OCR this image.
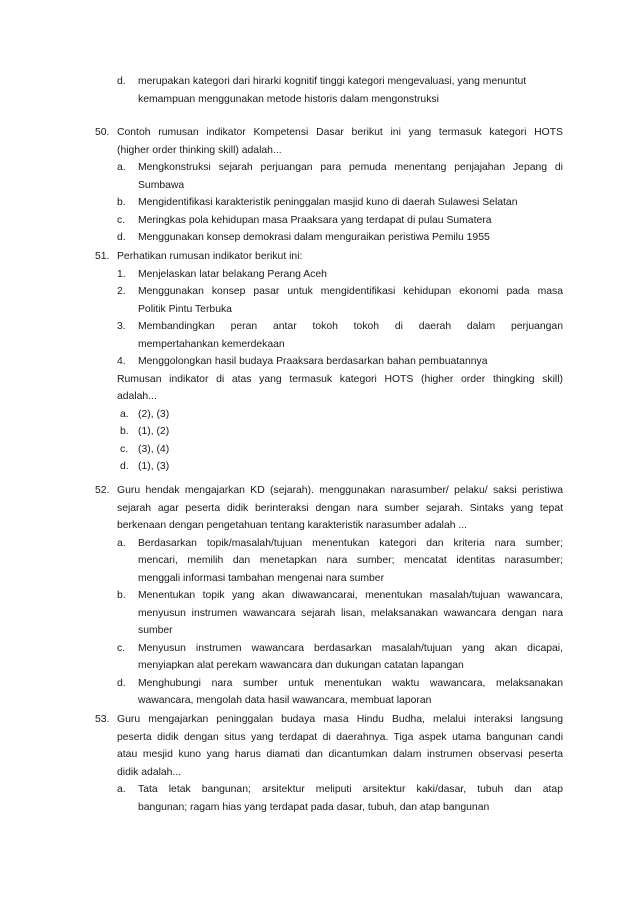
d. merupakan kategori dari hirarki kognitif tinggi kategori mengevaluasi, yang menuntut
kemampuan menggunakan metode historis dalam mengonstruksi
50. Contoh rumusan indikator Kompetensi Dasar berikut ini yang termasuk kategori HOTS
(higher order thinking skill) adalah...
a. Mengkonstruksi sejarah perjuangan para pemuda menentang penjajahan Jepang di
Sumbawa
b. Mengidentifikasi karakteristik peninggalan masjid kuno di daerah Sulawesi Selatan
c. Meringkas pola kehidupan masa Praaksara yang terdapat di pulau Sumatera
d. Menggunakan konsep demokrasi dalam menguraikan peristiwa Pemilu 1955
51. Perhatikan rumusan indikator berikut ini:
1. Menjelaskan latar belakang Perang Aceh
2. Menggunakan konsep pasar untuk mengidentifikasi kehidupan ekonomi pada masa
Politik Pintu Terbuka
3. Membandingkan peran antar tokoh tokoh di daerah dalam perjuangan
mempertahankan kemerdekaan
4. Menggolongkan hasil budaya Praaksara berdasarkan bahan pembuatannya
Rumusan indikator di atas yang termasuk kategori HOTS (higher order thingking skill)
adalah...
a. (2), (3)
b. (1), (2)
c. (3), (4)
d. (1), (3)
52. Guru hendak mengajarkan KD (sejarah). menggunakan narasumber/ pelaku/ saksi peristiwa
sejarah agar peserta didik berinteraksi dengan nara sumber sejarah. Sintaks yang tepat
berkenaan dengan pengetahuan tentang karakteristik narasumber adalah ...
a. Berdasarkan topik/masalah/tujuan menentukan kategori dan kriteria nara sumber;
mencari, memilih dan menetapkan nara sumber; mencatat identitas narasumber;
menggali informasi tambahan mengenai nara sumber
b. Menentukan topik yang akan diwawancarai, menentukan masalah/tujuan wawancara,
menyusun instrumen wawancara sejarah lisan, melaksanakan wawancara dengan nara
sumber
c. Menyusun instrumen wawancara berdasarkan masalah/tujuan yang akan dicapai,
menyiapkan alat perekam wawancara dan dukungan catatan lapangan
d. Menghubungi nara sumber untuk menentukan waktu wawancara, melaksanakan
wawancara, mengolah data hasil wawancara, membuat laporan
53. Guru mengajarkan peninggalan budaya masa Hindu Budha, melalui interaksi langsung
peserta didik dengan situs yang terdapat di daerahnya. Tiga aspek utama bangunan candi
atau mesjid kuno yang harus diamati dan dicantumkan dalam instrumen observasi peserta
didik adalah...
a. Tata letak bangunan; arsitektur meliputi arsitektur kaki/dasar, tubuh dan atap
bangunan; ragam hias yang terdapat pada dasar, tubuh, dan atap bangunan
